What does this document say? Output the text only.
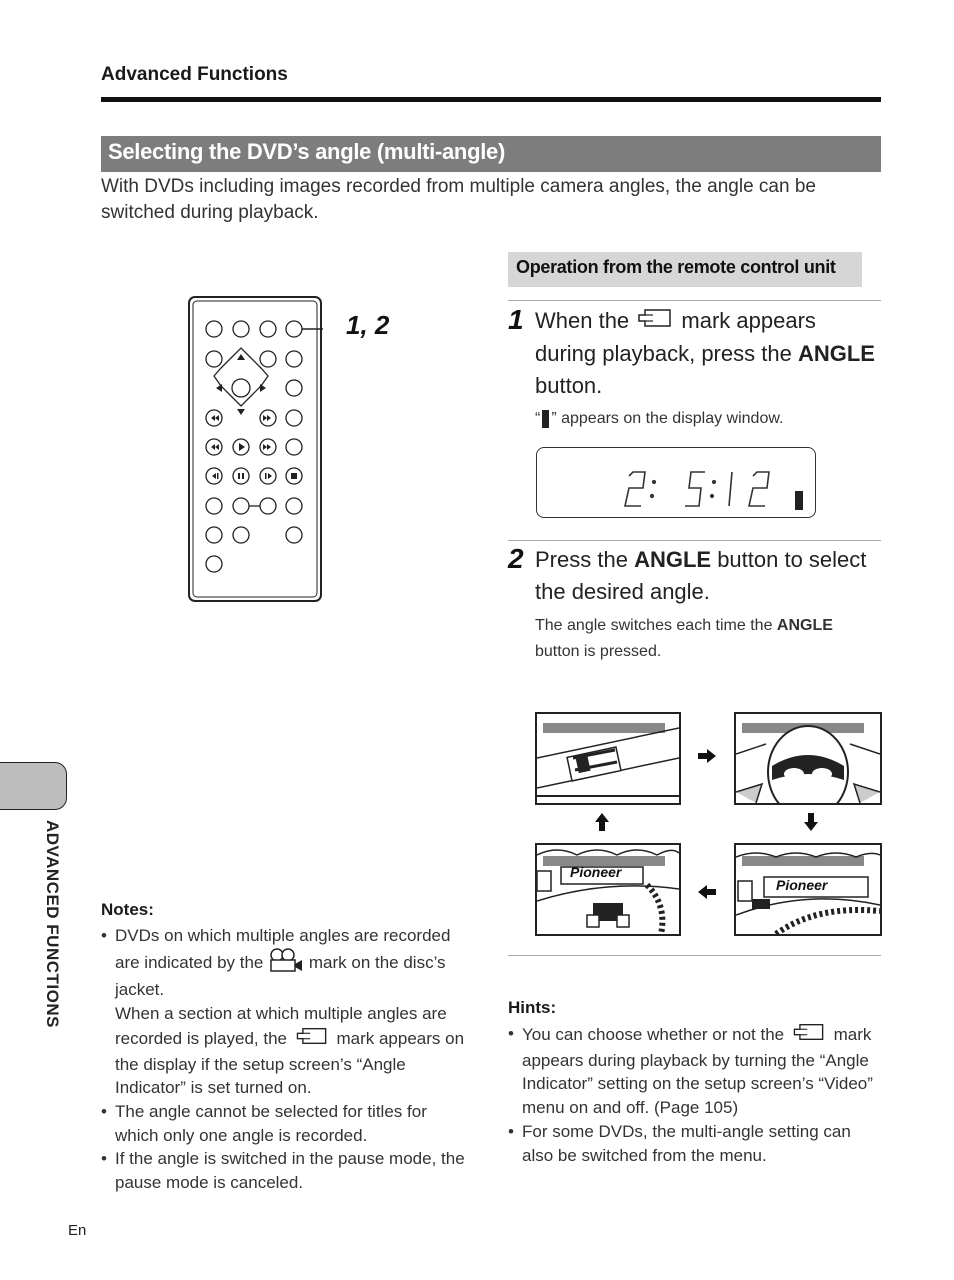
Advanced Functions
Selecting the DVD’s angle (multi-angle)
With DVDs including images recorded from multiple camera angles, the angle can be switched during playback.
1, 2
Operation from the remote control unit
1 When the mark appears during playback, press the ANGLE button.
“ ” appears on the display window.
2 Press the ANGLE button to select the desired angle.
The angle switches each time the ANGLE button is pressed.
Pioneer
Pioneer
Notes:
• DVDs on which multiple angles are recorded are indicated by the	mark on the disc’s jacket.
When a section at which multiple angles are recorded is played, the	mark appears on the display if the setup screen’s “Angle Indicator” is set turned on.
• The angle cannot be selected for titles for which only one angle is recorded.
• If the angle is switched in the pause mode, the pause mode is canceled.
Hints:
• You can choose whether or not the	mark appears during playback by turning the “Angle Indicator” setting on the setup screen’s “Video” menu on and off. (Page 105)
• For some DVDs, the multi-angle setting can also be switched from the menu.
ADVANCED FUNCTIONS
En
